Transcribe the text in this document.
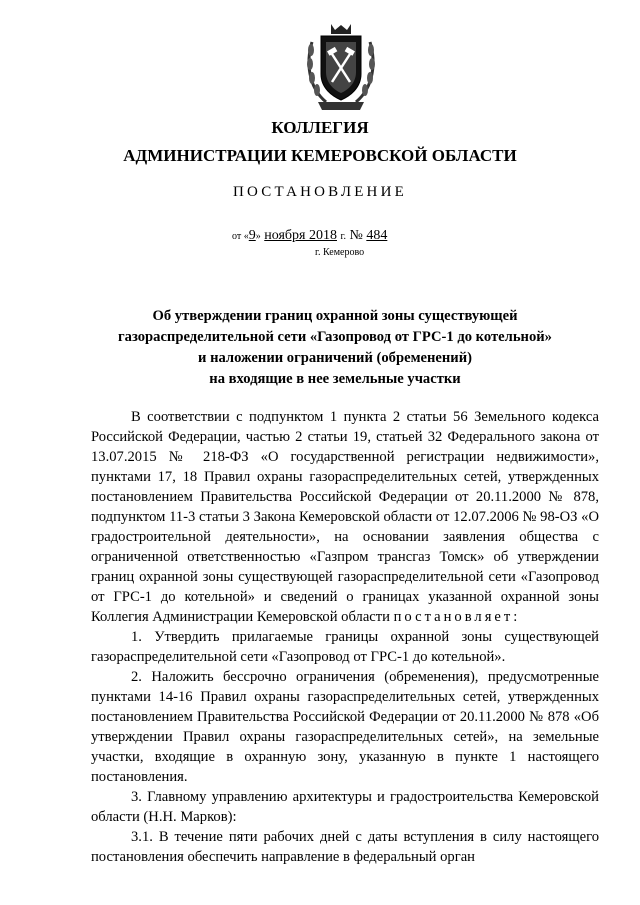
КОЛЛЕГИЯ
АДМИНИСТРАЦИИ КЕМЕРОВСКОЙ ОБЛАСТИ
ПОСТАНОВЛЕНИЕ
от «9» ноября 2018 г. № 484
г. Кемерово
Об утверждении границ охранной зоны существующей
газораспределительной сети «Газопровод от ГРС-1 до котельной»
и наложении ограничений (обременений)
на входящие в нее земельные участки

В соответствии с подпунктом 1 пункта 2 статьи 56 Земельного кодекса Российской Федерации, частью 2 статьи 19, статьей 32 Федерального закона от 13.07.2015 № 218-ФЗ «О государственной регистрации недвижимости», пунктами 17, 18 Правил охраны газораспределительных сетей, утвержденных постановлением Правительства Российской Федерации от 20.11.2000 № 878, подпунктом 11-3 статьи 3 Закона Кемеровской области от 12.07.2006 № 98-ОЗ «О градостроительной деятельности», на основании заявления общества с ограниченной ответственностью «Газпром трансгаз Томск» об утверждении границ охранной зоны существующей газораспределительной сети «Газопровод от ГРС-1 до котельной» и сведений о границах указанной охранной зоны Коллегия Администрации Кемеровской области постановляет:

1. Утвердить прилагаемые границы охранной зоны существующей газораспределительной сети «Газопровод от ГРС-1 до котельной».

2. Наложить бессрочно ограничения (обременения), предусмотренные пунктами 14-16 Правил охраны газораспределительных сетей, утвержденных постановлением Правительства Российской Федерации от 20.11.2000 № 878 «Об утверждении Правил охраны газораспределительных сетей», на земельные участки, входящие в охранную зону, указанную в пункте 1 настоящего постановления.

3. Главному управлению архитектуры и градостроительства Кемеровской области (Н.Н. Марков):

3.1. В течение пяти рабочих дней с даты вступления в силу настоящего постановления обеспечить направление в федеральный орган
